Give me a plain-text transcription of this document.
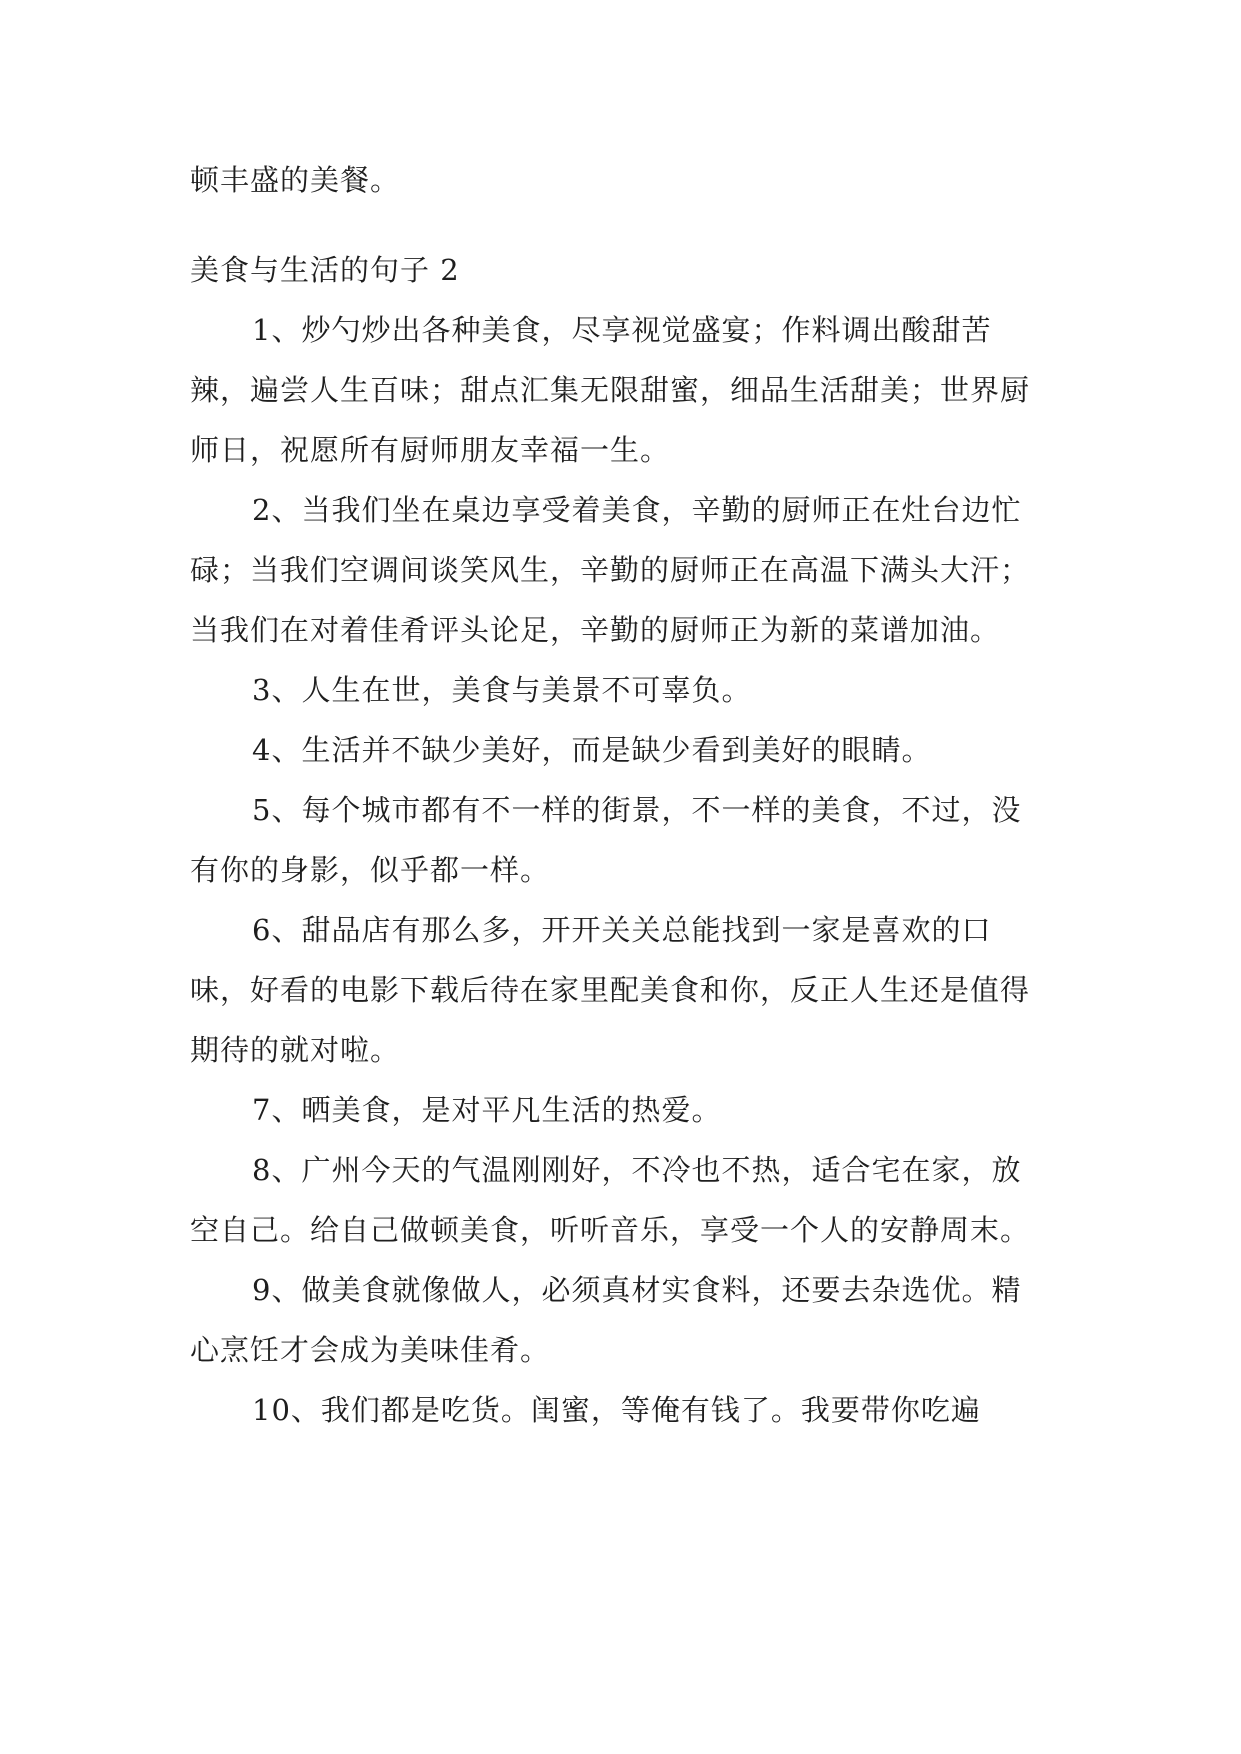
顿丰盛的美餐。

美食与生活的句子 2

1、炒勺炒出各种美食，尽享视觉盛宴；作料调出酸甜苦辣，遍尝人生百味；甜点汇集无限甜蜜，细品生活甜美；世界厨师日，祝愿所有厨师朋友幸福一生。

2、当我们坐在桌边享受着美食，辛勤的厨师正在灶台边忙碌；当我们空调间谈笑风生，辛勤的厨师正在高温下满头大汗；当我们在对着佳肴评头论足，辛勤的厨师正为新的菜谱加油。

3、人生在世，美食与美景不可辜负。

4、生活并不缺少美好，而是缺少看到美好的眼睛。

5、每个城市都有不一样的街景，不一样的美食，不过，没有你的身影，似乎都一样。

6、甜品店有那么多，开开关关总能找到一家是喜欢的口味，好看的电影下载后待在家里配美食和你，反正人生还是值得期待的就对啦。

7、晒美食，是对平凡生活的热爱。

8、广州今天的气温刚刚好，不冷也不热，适合宅在家，放空自己。给自己做顿美食，听听音乐，享受一个人的安静周末。

9、做美食就像做人，必须真材实食料，还要去杂选优。精心烹饪才会成为美味佳肴。

10、我们都是吃货。闺蜜，等俺有钱了。我要带你吃遍
